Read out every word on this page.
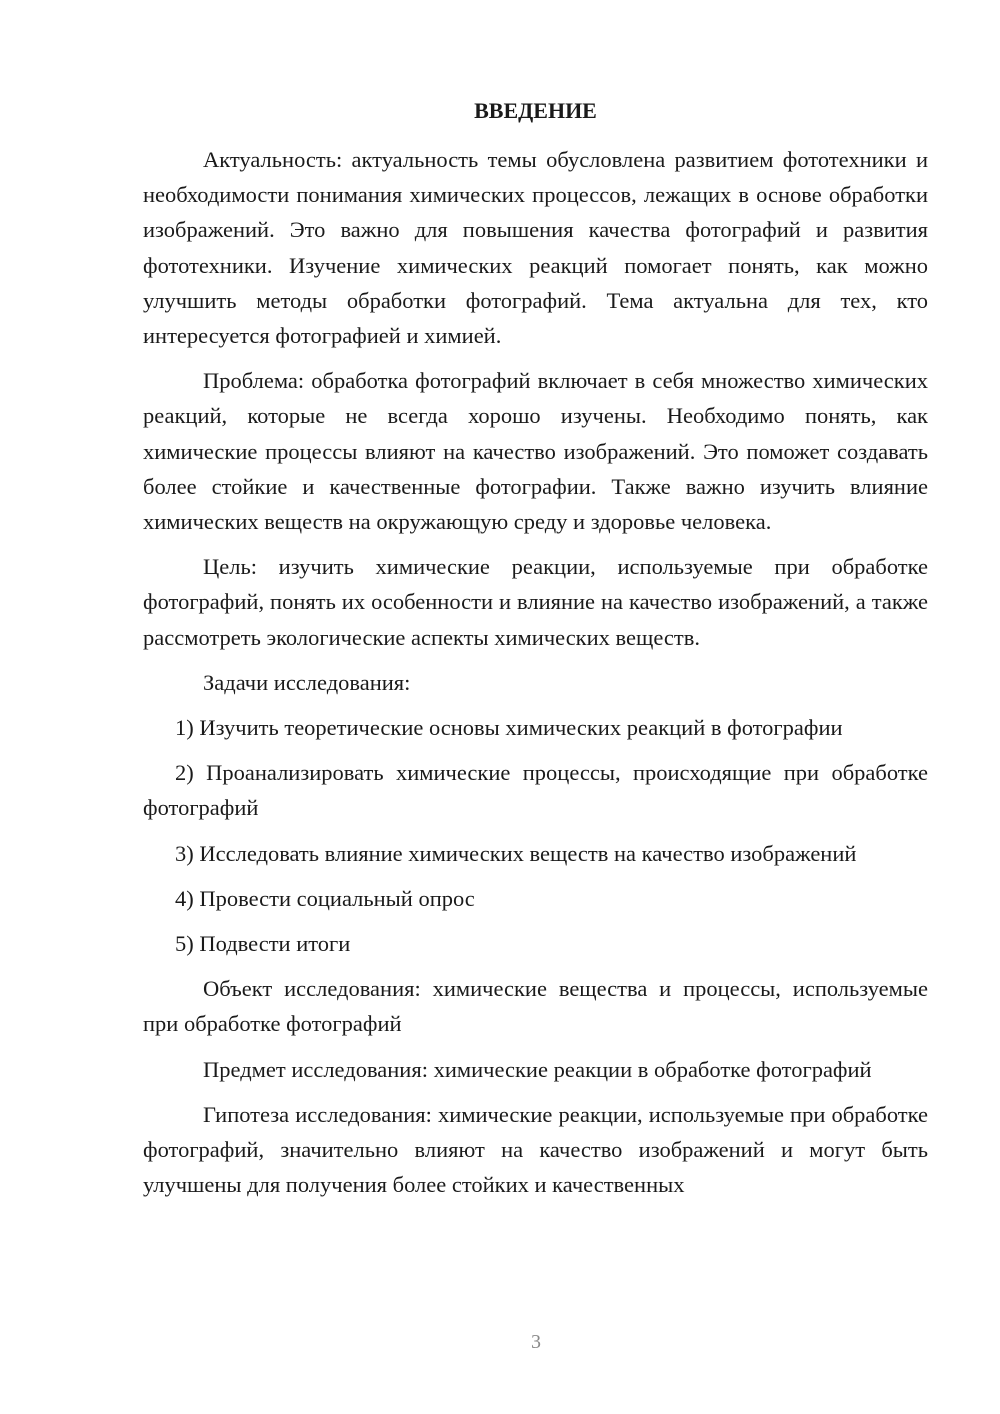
ВВЕДЕНИЕ

Актуальность: актуальность темы обусловлена развитием фототехники и необходимости понимания химических процессов, лежащих в основе обработки изображений. Это важно для повышения качества фотографий и развития фототехники. Изучение химических реакций помогает понять, как можно улучшить методы обработки фотографий. Тема актуальна для тех, кто интересуется фотографией и химией.

Проблема: обработка фотографий включает в себя множество химических реакций, которые не всегда хорошо изучены. Необходимо понять, как химические процессы влияют на качество изображений. Это поможет создавать более стойкие и качественные фотографии. Также важно изучить влияние химических веществ на окружающую среду и здоровье человека.

Цель: изучить химические реакции, используемые при обработке фотографий, понять их особенности и влияние на качество изображений, а также рассмотреть экологические аспекты химических веществ.

Задачи исследования:

1) Изучить теоретические основы химических реакций в фотографии

2) Проанализировать химические процессы, происходящие при обработке фотографий

3) Исследовать влияние химических веществ на качество изображений

4) Провести социальный опрос

5) Подвести итоги

Объект исследования: химические вещества и процессы, используемые при обработке фотографий

Предмет исследования: химические реакции в обработке фотографий

Гипотеза исследования: химические реакции, используемые при обработке фотографий, значительно влияют на качество изображений и могут быть улучшены для получения более стойких и качественных

3
